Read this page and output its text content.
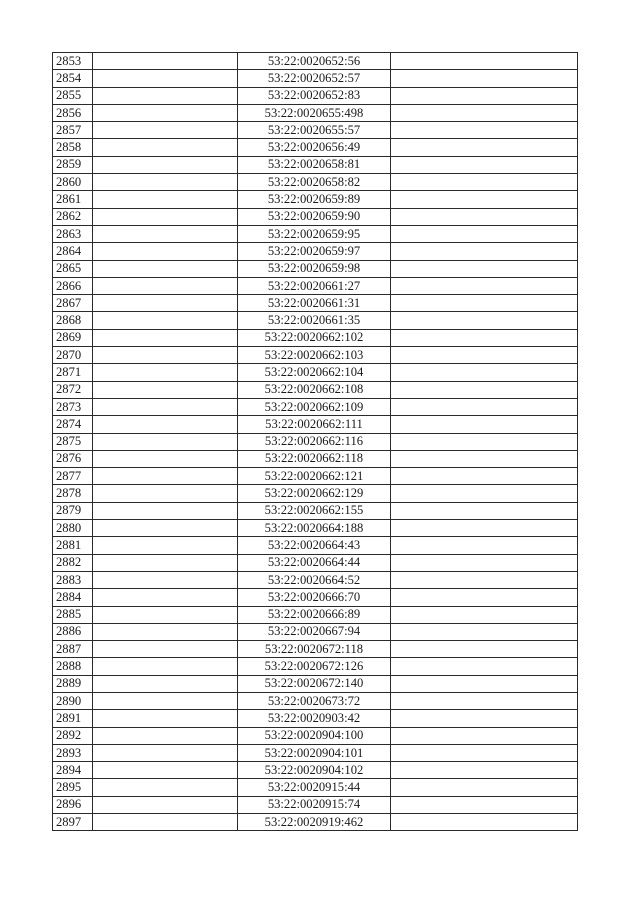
2853		53:22:0020652:56	
2854		53:22:0020652:57	
2855		53:22:0020652:83	
2856		53:22:0020655:498	
2857		53:22:0020655:57	
2858		53:22:0020656:49	
2859		53:22:0020658:81	
2860		53:22:0020658:82	
2861		53:22:0020659:89	
2862		53:22:0020659:90	
2863		53:22:0020659:95	
2864		53:22:0020659:97	
2865		53:22:0020659:98	
2866		53:22:0020661:27	
2867		53:22:0020661:31	
2868		53:22:0020661:35	
2869		53:22:0020662:102	
2870		53:22:0020662:103	
2871		53:22:0020662:104	
2872		53:22:0020662:108	
2873		53:22:0020662:109	
2874		53:22:0020662:111	
2875		53:22:0020662:116	
2876		53:22:0020662:118	
2877		53:22:0020662:121	
2878		53:22:0020662:129	
2879		53:22:0020662:155	
2880		53:22:0020664:188	
2881		53:22:0020664:43	
2882		53:22:0020664:44	
2883		53:22:0020664:52	
2884		53:22:0020666:70	
2885		53:22:0020666:89	
2886		53:22:0020667:94	
2887		53:22:0020672:118	
2888		53:22:0020672:126	
2889		53:22:0020672:140	
2890		53:22:0020673:72	
2891		53:22:0020903:42	
2892		53:22:0020904:100	
2893		53:22:0020904:101	
2894		53:22:0020904:102	
2895		53:22:0020915:44	
2896		53:22:0020915:74	
2897		53:22:0020919:462	
